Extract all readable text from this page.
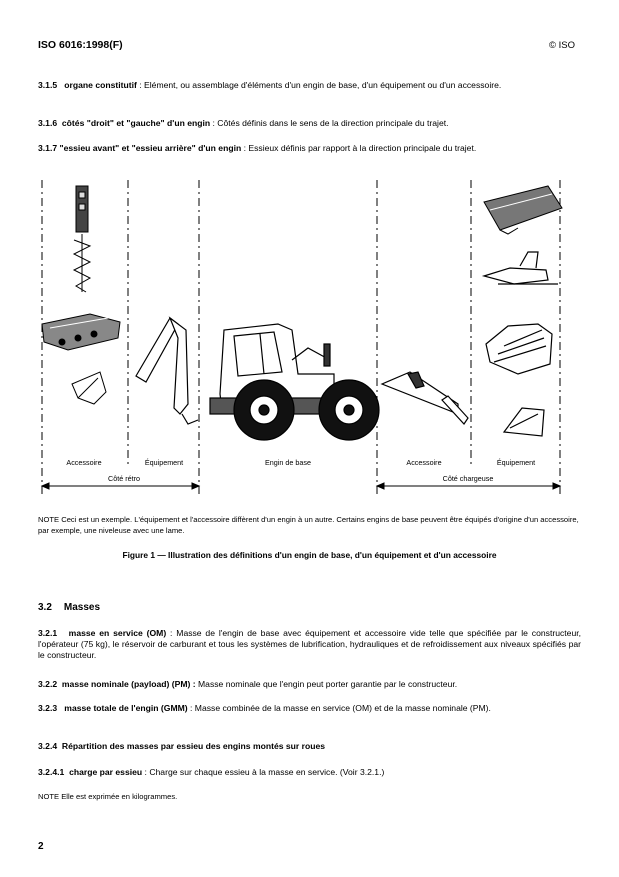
ISO 6016:1998(F)	© ISO
3.1.5 organe constitutif : Elément, ou assemblage d'éléments d'un engin de base, d'un équipement ou d'un accessoire.
3.1.6 côtés "droit" et "gauche" d'un engin : Côtés définis dans le sens de la direction principale du trajet.
3.1.7 "essieu avant" et "essieu arrière" d'un engin : Essieux définis par rapport à la direction principale du trajet.
Accessoire	Équipement	Engin de base	Accessoire	Équipement
Côté rétro	Côté chargeuse
NOTE Ceci est un exemple. L'équipement et l'accessoire diffèrent d'un engin à un autre. Certains engins de base peuvent être équipés d'origine d'un accessoire, par exemple, une niveleuse avec une lame.
Figure 1 — Illustration des définitions d'un engin de base, d'un équipement et d'un accessoire
3.2 Masses
3.2.1 masse en service (OM) : Masse de l'engin de base avec équipement et accessoire vide telle que spécifiée par le constructeur, l'opérateur (75 kg), le réservoir de carburant et tous les systèmes de lubrification, hydrauliques et de refroidissement aux niveaux spécifiés par le constructeur.
3.2.2 masse nominale (payload) (PM) : Masse nominale que l'engin peut porter garantie par le constructeur.
3.2.3 masse totale de l'engin (GMM) : Masse combinée de la masse en service (OM) et de la masse nominale (PM).
3.2.4 Répartition des masses par essieu des engins montés sur roues
3.2.4.1 charge par essieu : Charge sur chaque essieu à la masse en service. (Voir 3.2.1.)
NOTE Elle est exprimée en kilogrammes.
2
